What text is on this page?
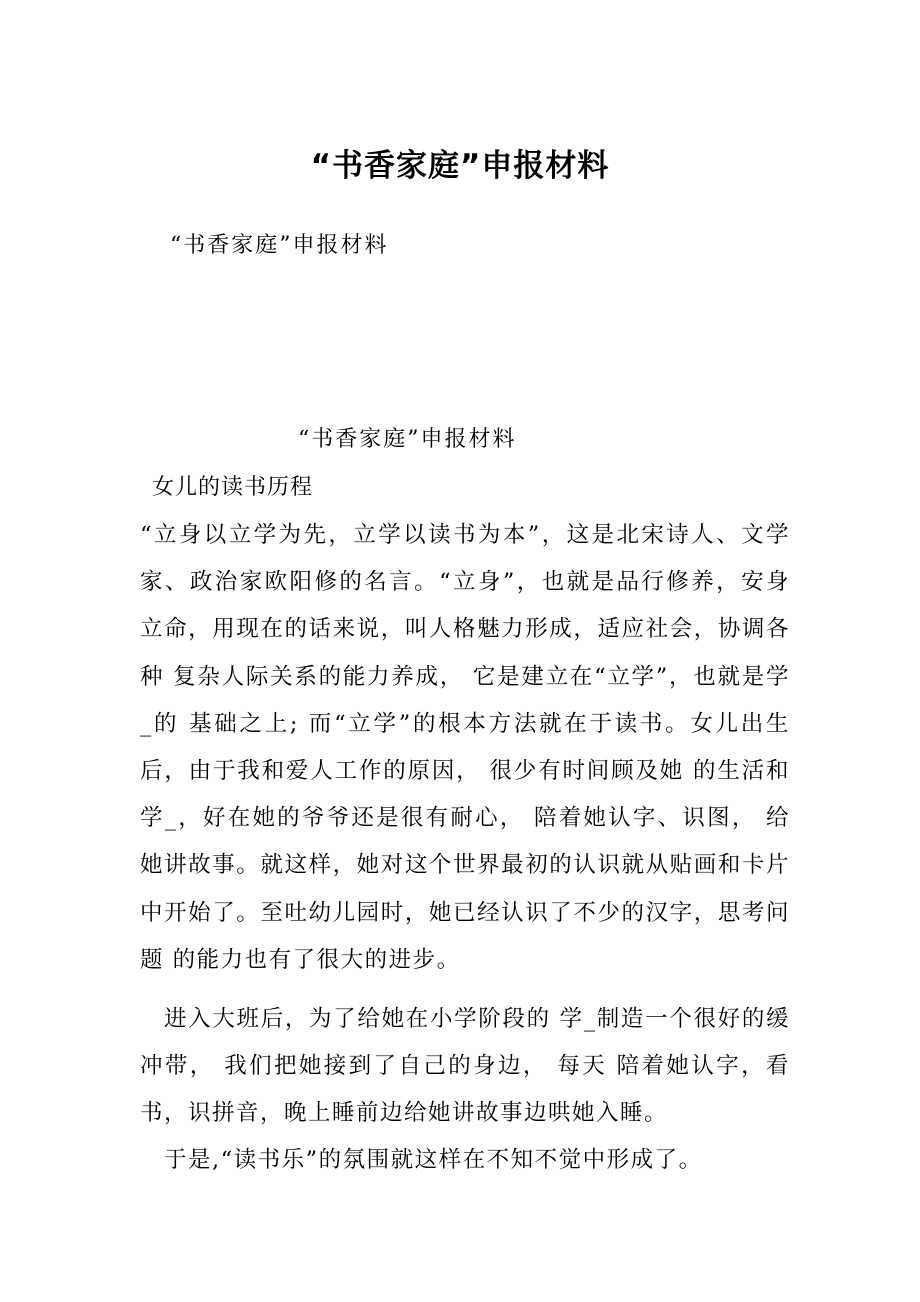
“书香家庭”申报材料
“书香家庭”申报材料
“书香家庭”申报材料
女儿的读书历程

“立身以立学为先，立学以读书为本”，这是北宋诗人、文学家、政治家欧阳修的名言。“立身”，也就是品行修养，安身 立命，用现在的话来说，叫人格魅力形成，适应社会，协调各种 复杂人际关系的能力养成， 它是建立在“立学”，也就是学_的 基础之上; 而“立学”的根本方法就在于读书。女儿出生后，由于我和爱人工作的原因， 很少有时间顾及她 的生活和学_，好在她的爷爷还是很有耐心， 陪着她认字、识图， 给她讲故事。就这样，她对这个世界最初的认识就从贴画和卡片 中开始了。至吐幼儿园时，她已经认识了不少的汉字，思考问题 的能力也有了很大的进步。

进入大班后，为了给她在小学阶段的 学_制造一个很好的缓冲带， 我们把她接到了自己的身边， 每天 陪着她认字，看书，识拼音，晚上睡前边给她讲故事边哄她入睡。

于是,“读书乐”的氛围就这样在不知不觉中形成了。
